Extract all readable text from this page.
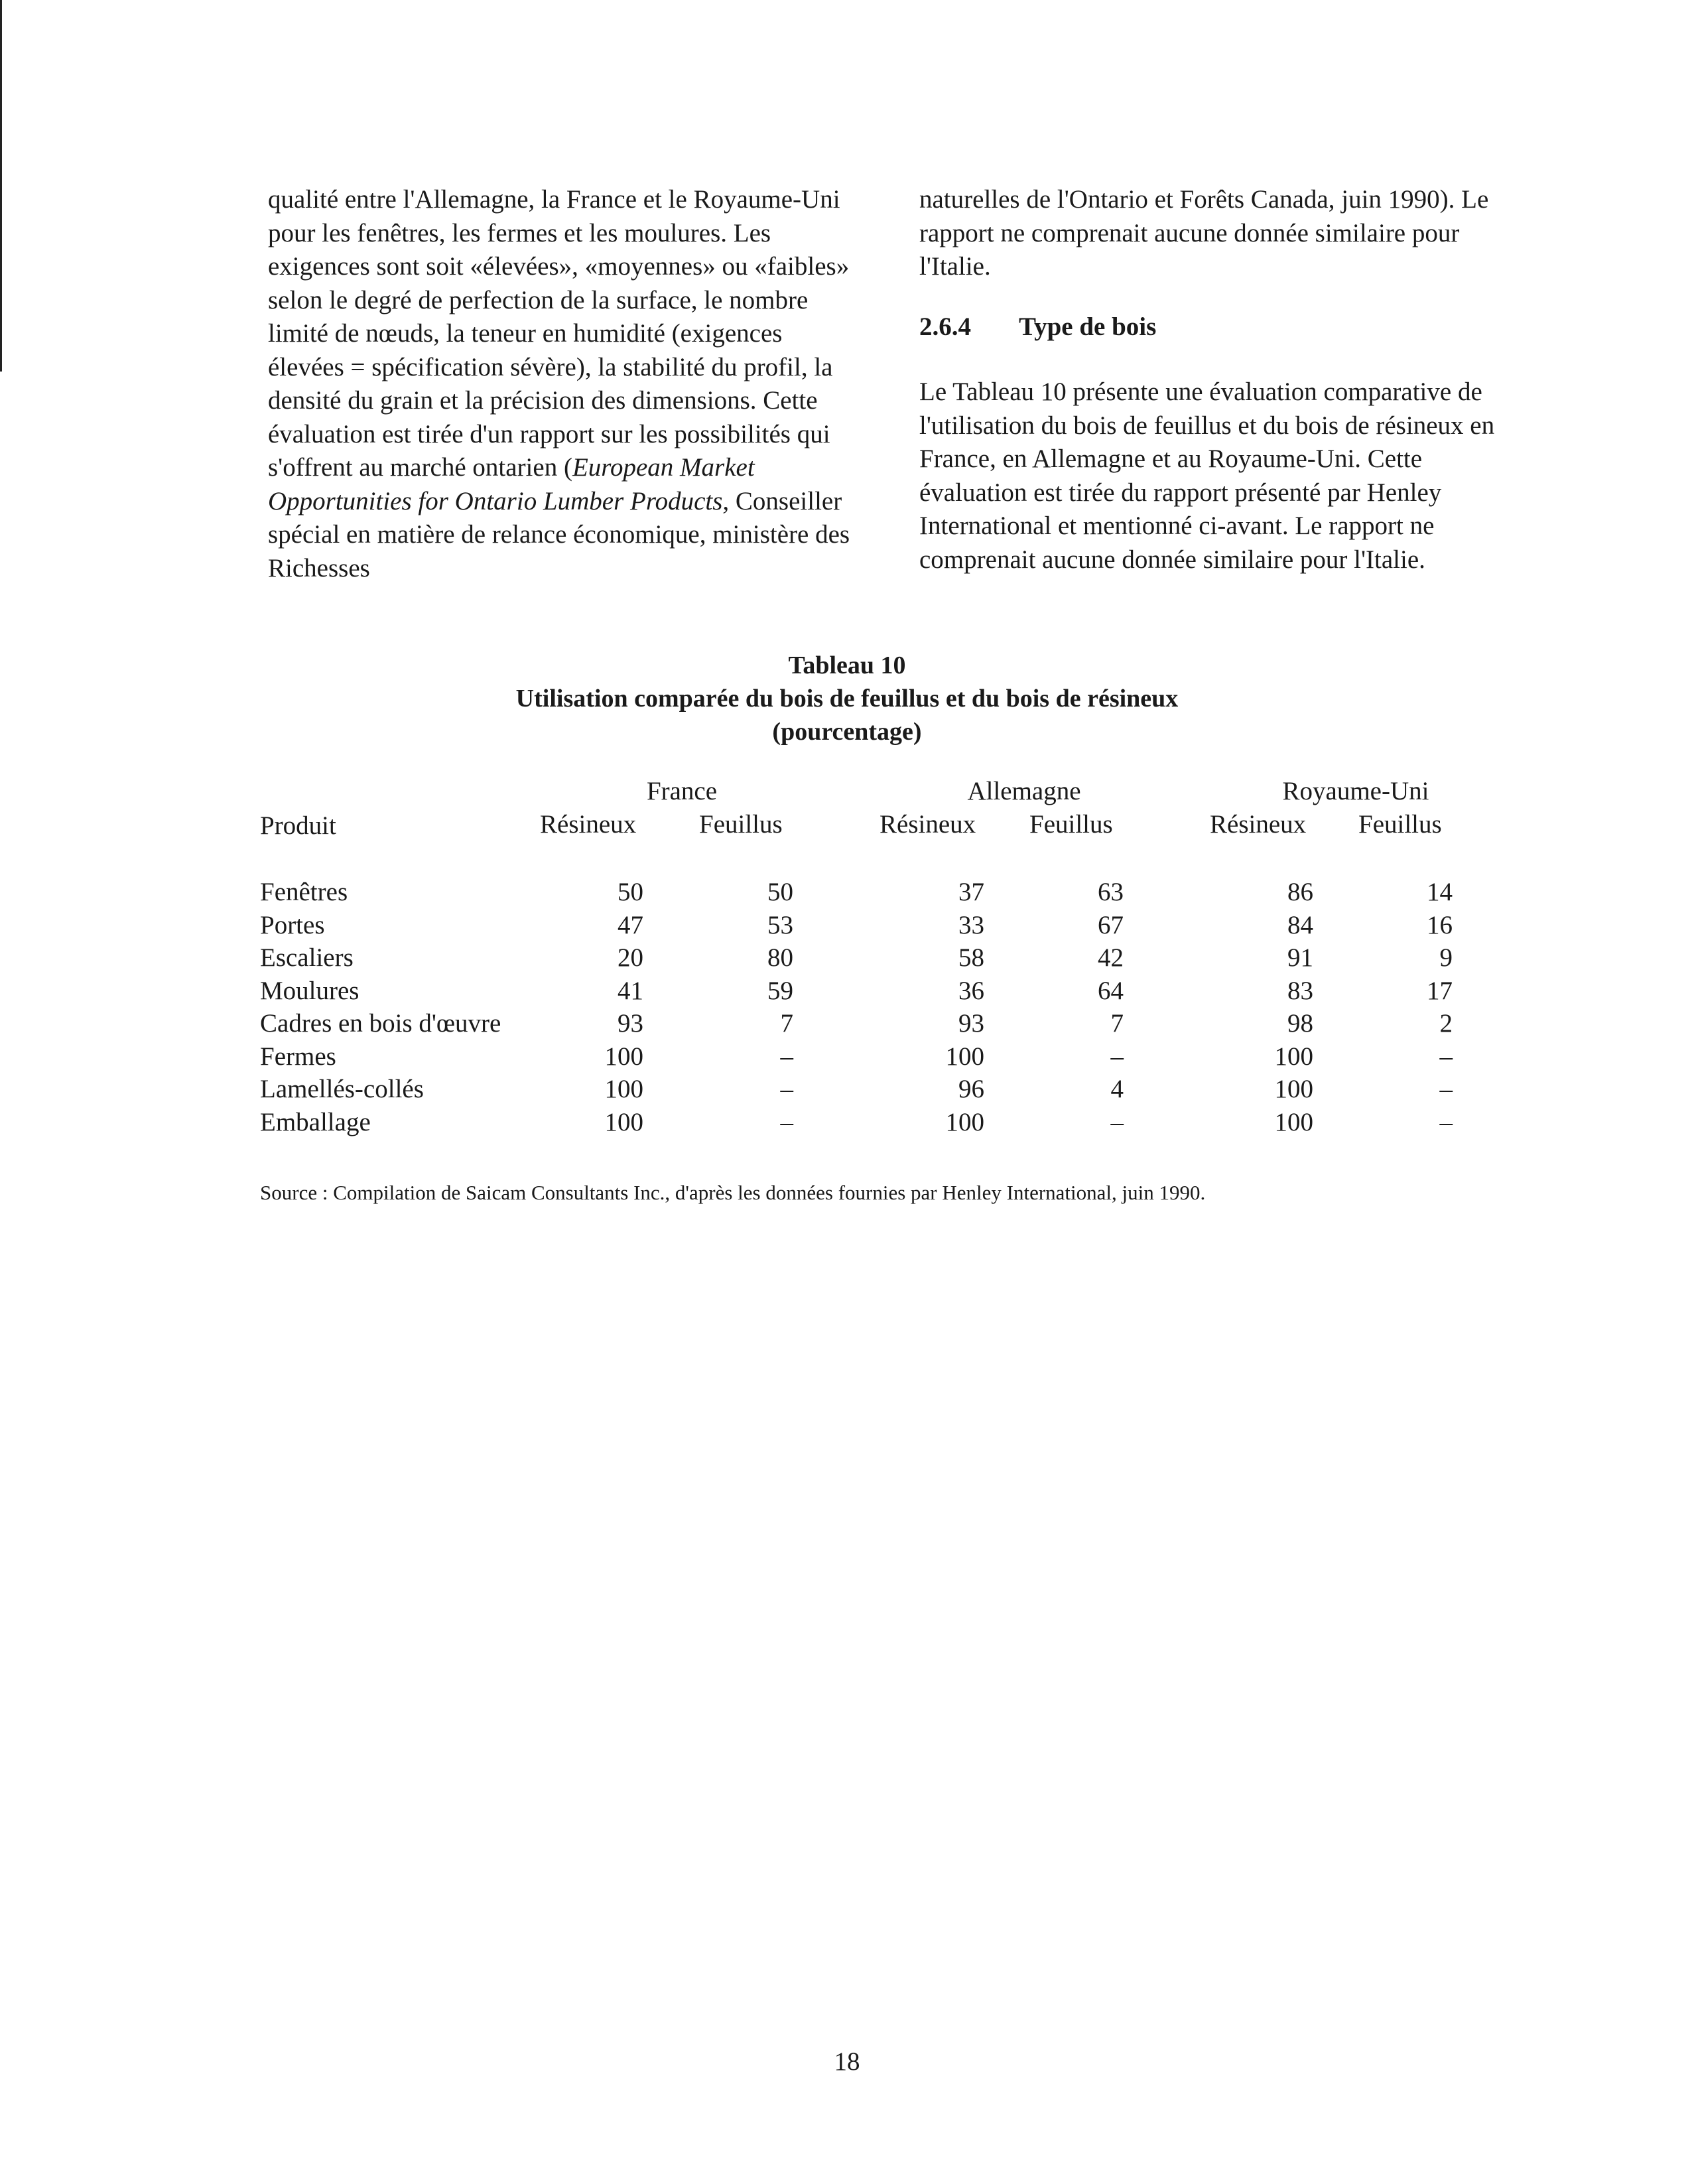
qualité entre l'Allemagne, la France et le Royaume-Uni pour les fenêtres, les fermes et les moulures. Les exigences sont soit «élevées», «moyennes» ou «faibles» selon le degré de perfection de la surface, le nombre limité de nœuds, la teneur en humidité (exigences élevées = spécification sévère), la stabilité du profil, la densité du grain et la précision des dimensions. Cette évaluation est tirée d'un rapport sur les possibilités qui s'offrent au marché ontarien (European Market Opportunities for Ontario Lumber Products, Conseiller spécial en matière de relance économique, ministère des Richesses

naturelles de l'Ontario et Forêts Canada, juin 1990). Le rapport ne comprenait aucune donnée similaire pour l'Italie.

2.6.4 Type de bois

Le Tableau 10 présente une évaluation comparative de l'utilisation du bois de feuillus et du bois de résineux en France, en Allemagne et au Royaume-Uni. Cette évaluation est tirée du rapport présenté par Henley International et mentionné ci-avant. Le rapport ne comprenait aucune donnée similaire pour l'Italie.

Tableau 10
Utilisation comparée du bois de feuillus et du bois de résineux
(pourcentage)
Produit
France	Allemagne	Royaume-Uni
Résineux Feuillus	Résineux Feuillus	Résineux Feuillus
Fenêtres	50	50	37	63	86	14
Portes	47	53	33	67	84	16
Escaliers	20	80	58	42	91	9
Moulures	41	59	36	64	83	17
Cadres en bois d'œuvre	93	7	93	7	98	2
Fermes	100	–	100	–	100	–
Lamellés-collés	100	–	96	4	100	–
Emballage	100	–	100	–	100	–
Source : Compilation de Saicam Consultants Inc., d'après les données fournies par Henley International, juin 1990.
18
